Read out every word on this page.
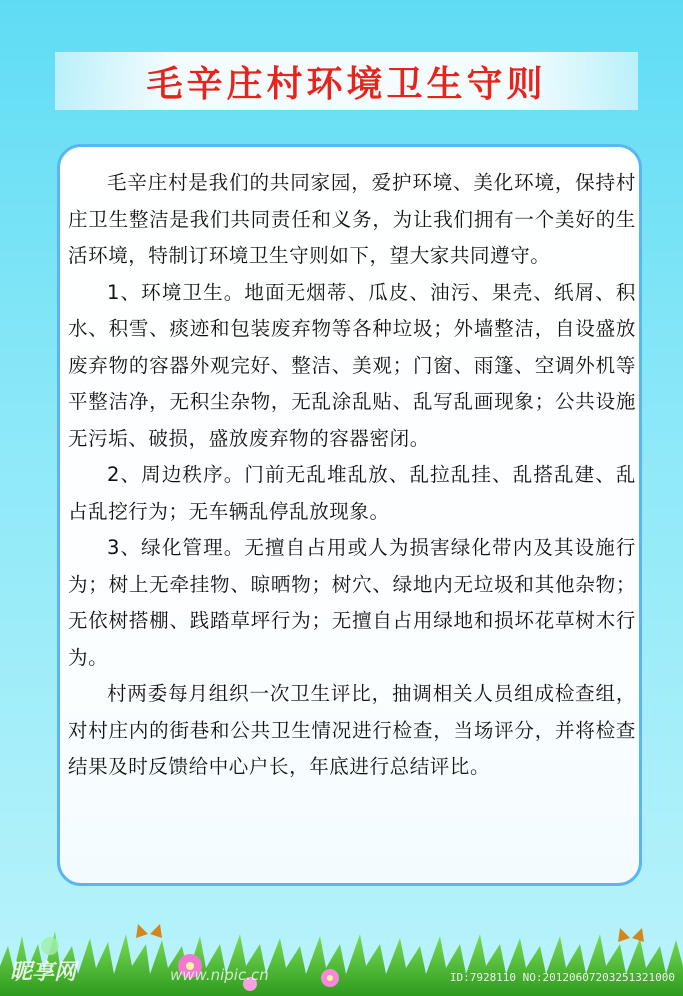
毛辛庄村环境卫生守则

毛辛庄村是我们的共同家园，爱护环境、美化环境，保持村庄卫生整洁是我们共同责任和义务，为让我们拥有一个美好的生活环境，特制订环境卫生守则如下，望大家共同遵守。

1、环境卫生。地面无烟蒂、瓜皮、油污、果壳、纸屑、积水、积雪、痰迹和包装废弃物等各种垃圾；外墙整洁，自设盛放废弃物的容器外观完好、整洁、美观；门窗、雨篷、空调外机等平整洁净，无积尘杂物，无乱涂乱贴、乱写乱画现象；公共设施无污垢、破损，盛放废弃物的容器密闭。

2、周边秩序。门前无乱堆乱放、乱拉乱挂、乱搭乱建、乱占乱挖行为；无车辆乱停乱放现象。

3、绿化管理。无擅自占用或人为损害绿化带内及其设施行为；树上无牵挂物、晾晒物；树穴、绿地内无垃圾和其他杂物；无依树搭棚、践踏草坪行为；无擅自占用绿地和损坏花草树木行为。

村两委每月组织一次卫生评比，抽调相关人员组成检查组，对村庄内的街巷和公共卫生情况进行检查，当场评分，并将检查结果及时反馈给中心户长，年底进行总结评比。

昵享网	www.nipic.cn	ID:7928110 NO:20120607203251321000
